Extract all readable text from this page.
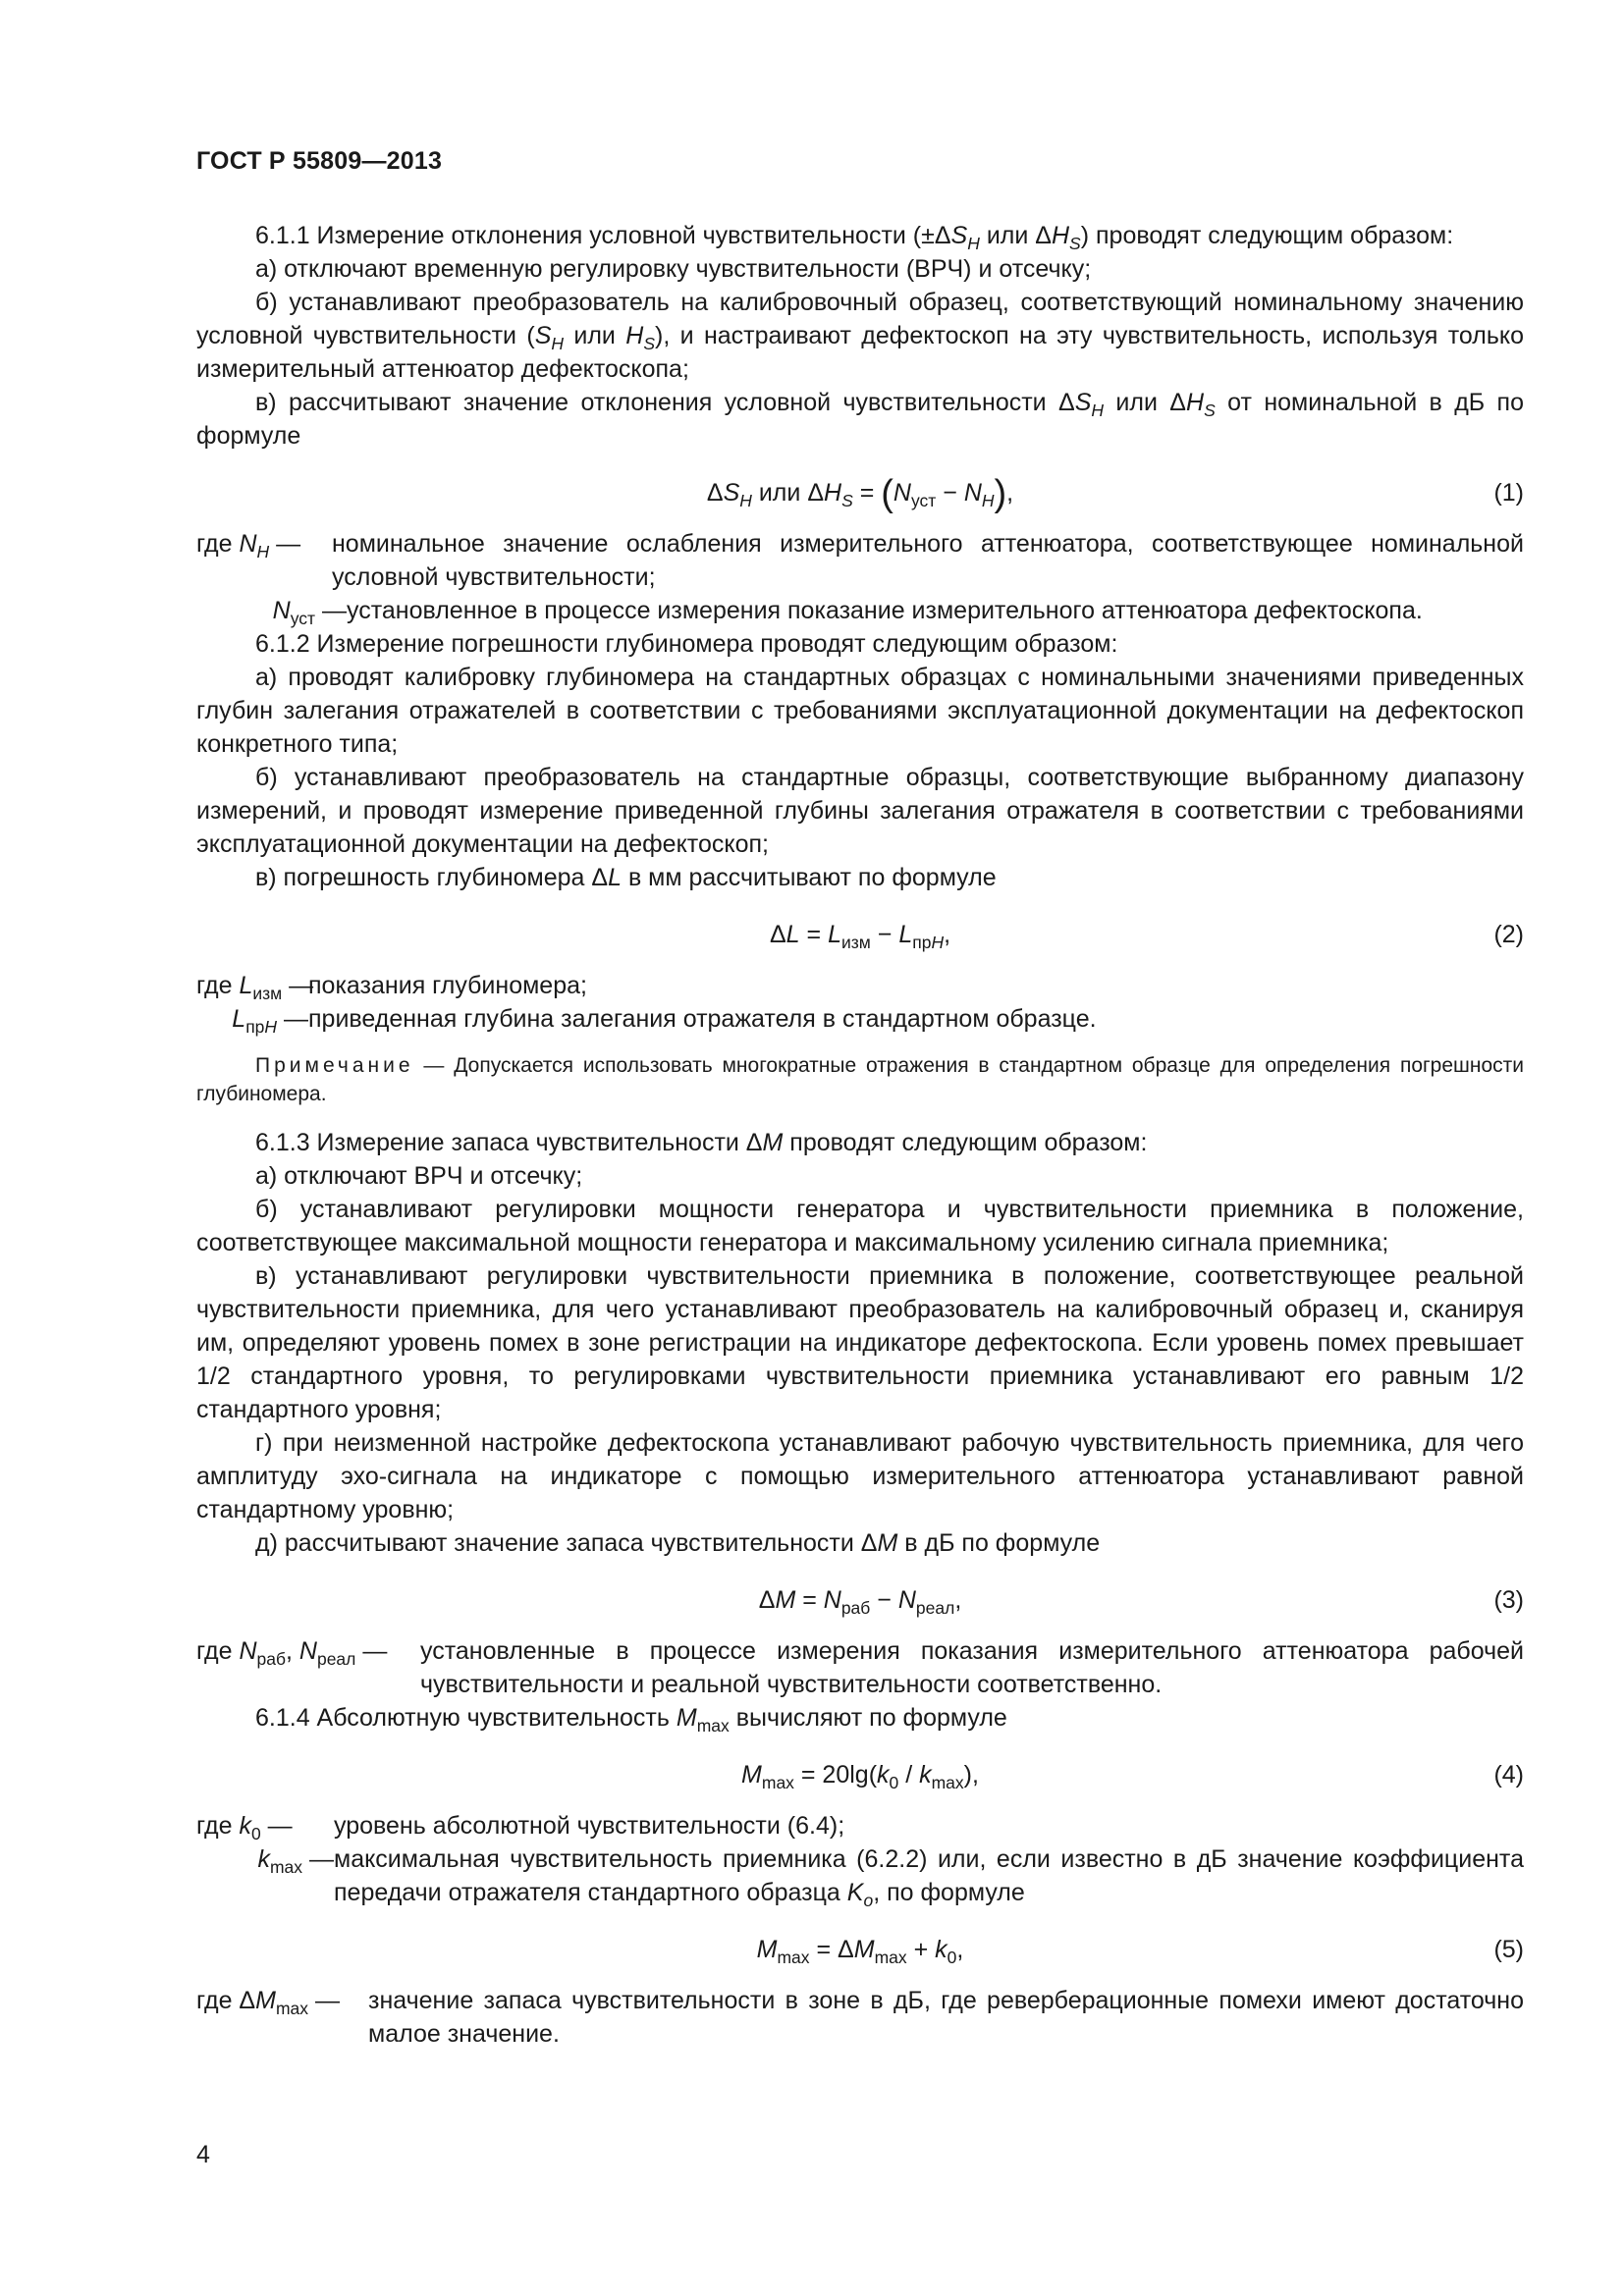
ГОСТ Р 55809—2013

6.1.1 Измерение отклонения условной чувствительности ($\pm\Delta S_H$ или $\Delta H_S$) проводят следующим образом:

а) отключают временную регулировку чувствительности (ВРЧ) и отсечку;

б) устанавливают преобразователь на калибровочный образец, соответствующий номинальному значению условной чувствительности ($S_H$ или $H_S$), и настраивают дефектоскоп на эту чувствительность, используя только измерительный аттенюатор дефектоскопа;

в) рассчитывают значение отклонения условной чувствительности $\Delta S_H$ или $\Delta H_S$ от номинальной в дБ по формуле

$\Delta S_H$ или $\Delta H_S = (N_{уст} - N_H)$,	(1)
где $N_H$ —	номинальное значение ослабления измерительного аттенюатора, соответствующее номинальной условной чувствительности;
$N_{уст}$ — установленное в процессе измерения показание измерительного аттенюатора дефектоскопа.

6.1.2 Измерение погрешности глубиномера проводят следующим образом:

а) проводят калибровку глубиномера на стандартных образцах с номинальными значениями приведенных глубин залегания отражателей в соответствии с требованиями эксплуатационной документации на дефектоскоп конкретного типа;

б) устанавливают преобразователь на стандартные образцы, соответствующие выбранному диапазону измерений, и проводят измерение приведенной глубины залегания отражателя в соответствии с требованиями эксплуатационной документации на дефектоскоп;

в) погрешность глубиномера ΔL в мм рассчитывают по формуле

$\Delta L = L_{изм} - L_{прH}$,	(2)
где $L_{изм}$ —
показания глубиномера;
$L_{прH}$ — приведенная глубина залегания отражателя в стандартном образце.

Примечание — Допускается использовать многократные отражения в стандартном образце для определения погрешности глубиномера.

6.1.3 Измерение запаса чувствительности ΔM проводят следующим образом:

а) отключают ВРЧ и отсечку;

б) устанавливают регулировки мощности генератора и чувствительности приемника в положение, соответствующее максимальной мощности генератора и максимальному усилению сигнала приемника;

в) устанавливают регулировки чувствительности приемника в положение, соответствующее реальной чувствительности приемника, для чего устанавливают преобразователь на калибровочный образец и, сканируя им, определяют уровень помех в зоне регистрации на индикаторе дефектоскопа. Если уровень помех превышает 1/2 стандартного уровня, то регулировками чувствительности приемника устанавливают его равным 1/2 стандартного уровня;

г) при неизменной настройке дефектоскопа устанавливают рабочую чувствительность приемника, для чего амплитуду эхо-сигнала на индикаторе с помощью измерительного аттенюатора устанавливают равной стандартному уровню;

д) рассчитывают значение запаса чувствительности ΔM в дБ по формуле

$\Delta M = N_{раб} - N_{реал}$,	(3)
где $N_{раб}$, $N_{реал}$ —	установленные в процессе измерения показания измерительного аттенюатора рабочей чувствительности и реальной чувствительности соответственно.

6.1.4 Абсолютную чувствительность $M_{max}$ вычисляют по формуле

$M_{max} = 20\lg(k_0 / k_{max})$,	(4)
где $k_0$ —	уровень абсолютной чувствительности (6.4);
$k_{max}$ — максимальная чувствительность приемника (6.2.2) или, если известно в дБ значение коэффициента передачи отражателя стандартного образца $K_o$, по формуле
$M_{max} = \Delta M_{max} + k_0$,	(5)
где $\Delta M_{max}$ —	значение запаса чувствительности в зоне в дБ, где реверберационные помехи имеют достаточно малое значение.
4
